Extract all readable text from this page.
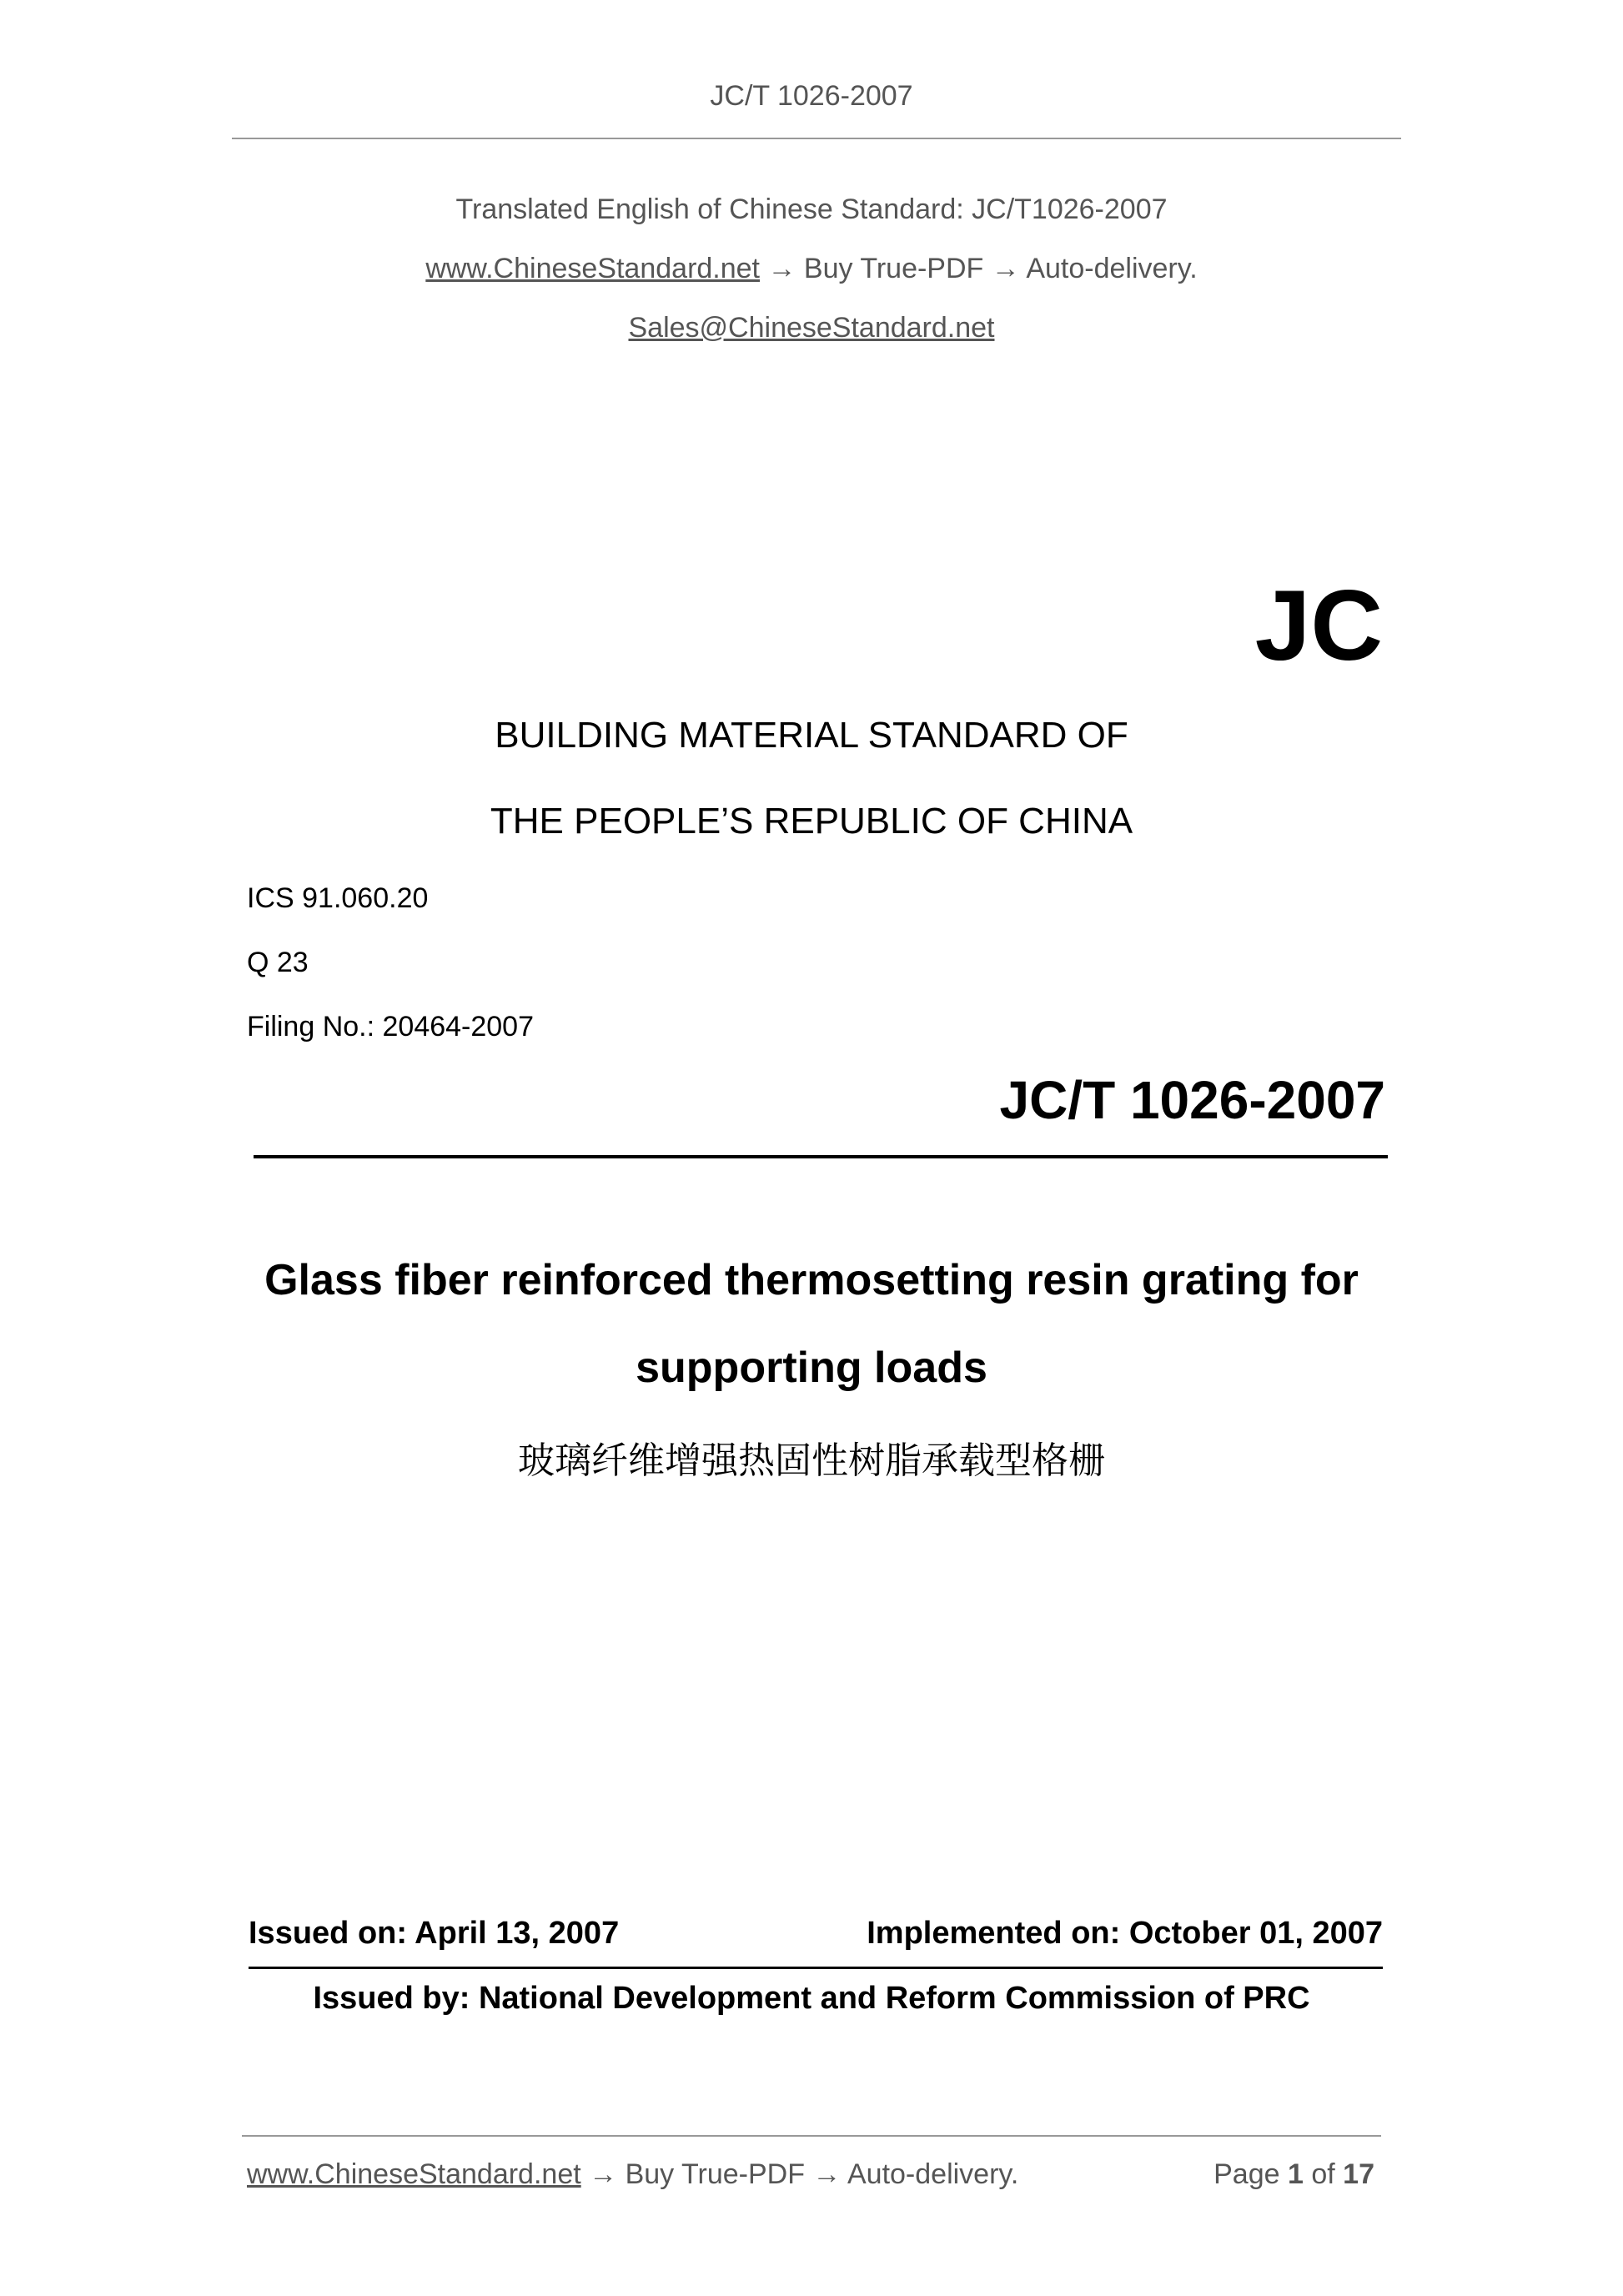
JC/T 1026-2007
Translated English of Chinese Standard: JC/T1026-2007
www.ChineseStandard.net → Buy True-PDF → Auto-delivery.
Sales@ChineseStandard.net
JC
BUILDING MATERIAL STANDARD OF
THE PEOPLE’S REPUBLIC OF CHINA
ICS 91.060.20
Q 23
Filing No.: 20464-2007
JC/T 1026-2007
Glass fiber reinforced thermosetting resin grating for
supporting loads
玻璃纤维增强热固性树脂承载型格栅
Issued on: April 13, 2007	Implemented on: October 01, 2007
Issued by: National Development and Reform Commission of PRC
www.ChineseStandard.net → Buy True-PDF → Auto-delivery.	Page 1 of 17
